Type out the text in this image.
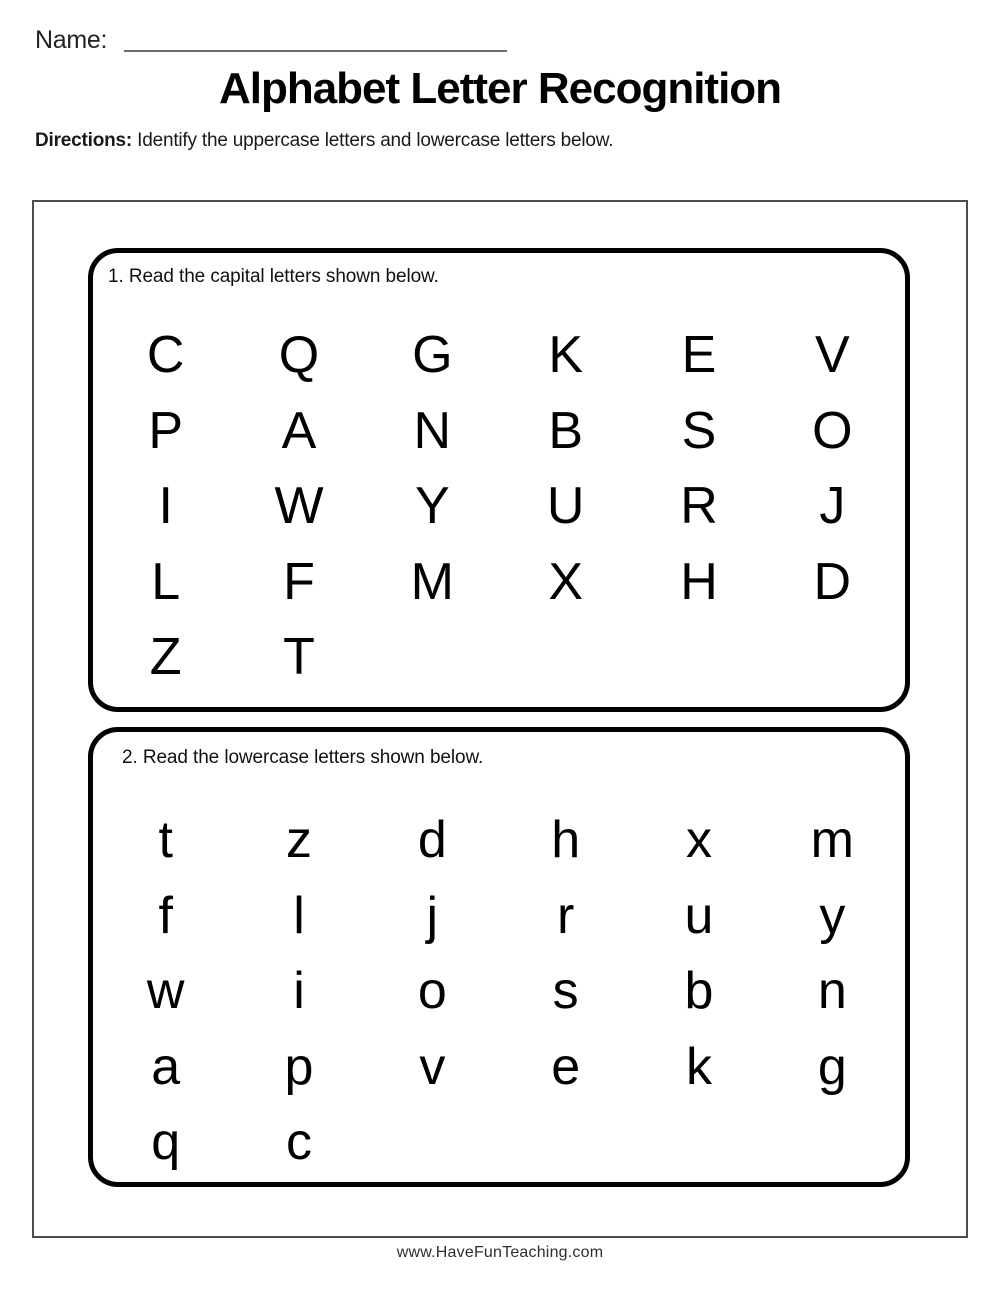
Name:
Alphabet Letter Recognition

Directions: Identify the uppercase letters and lowercase letters below.

1. Read the capital letters shown below.

C	Q	G	K	E	V
P	A	N	B	S	O
I	W	Y	U	R	J
L	F	M	X	H	D
Z	T

2. Read the lowercase letters shown below.

t	z	d	h	x	m
f	l	j	r	u	y
w	i	o	s	b	n
a	p	v	e	k	g
q	c

www.HaveFunTeaching.com
